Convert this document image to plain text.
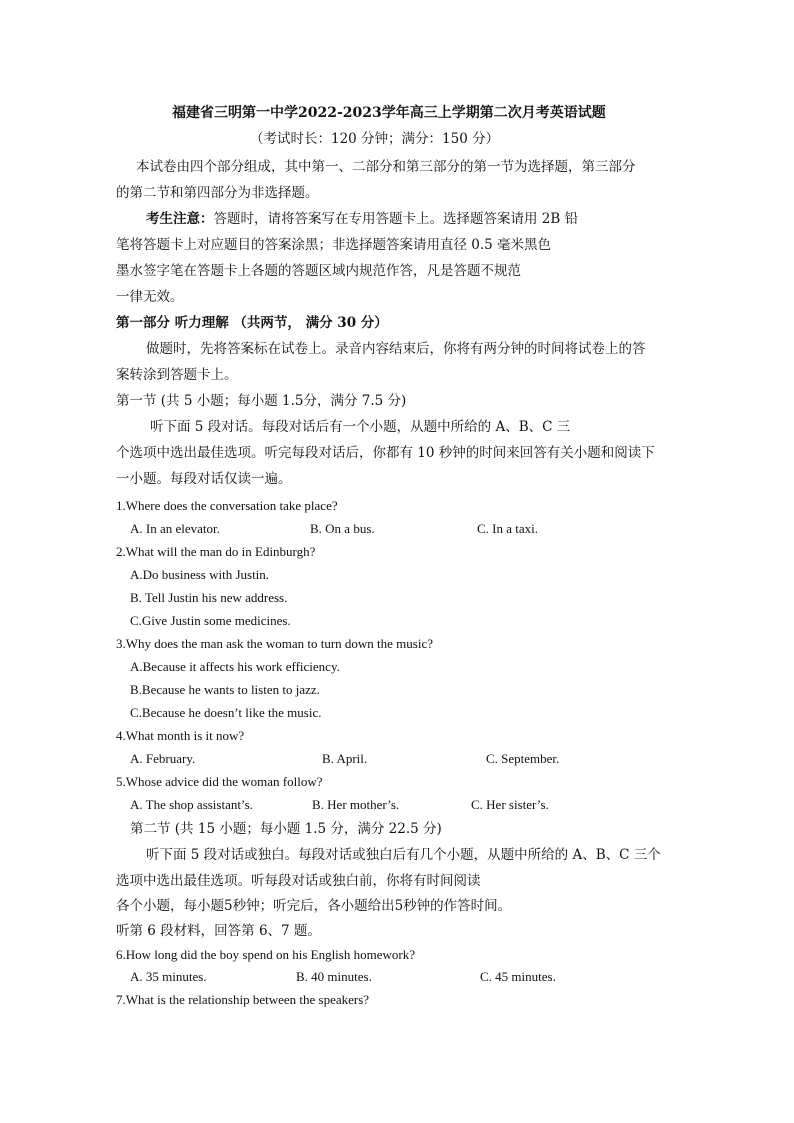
福建省三明第一中学2022-2023学年高三上学期第二次月考英语试题
（考试时长：120 分钟；满分：150 分）
本试卷由四个部分组成，其中第一、二部分和第三部分的第一节为选择题，第三部分
的第二节和第四部分为非选择题。
考生注意：答题时，请将答案写在专用答题卡上。选择题答案请用 2B 铅
笔将答题卡上对应题目的答案涂黑；非选择题答案请用直径 0.5 毫米黑色
墨水签字笔在答题卡上各题的答题区域内规范作答，凡是答题不规范
一律无效。
第一部分 听力理解 （共两节， 满分 30 分）
做题时，先将答案标在试卷上。录音内容结束后，你将有两分钟的时间将试卷上的答
案转涂到答题卡上。
第一节 (共 5 小题；每小题 1.5分，满分 7.5 分)
听下面 5 段对话。每段对话后有一个小题，从题中所给的 A、B、C 三
个选项中选出最佳选项。听完每段对话后，你都有 10 秒钟的时间来回答有关小题和阅读下
一小题。每段对话仅读一遍。
1.Where does the conversation take place?
A. In an elevator.	B. On a bus.	C. In a taxi.
2.What will the man do in Edinburgh?
A.Do business with Justin.
B. Tell Justin his new address.
C.Give Justin some medicines.
3.Why does the man ask the woman to turn down the music?
A.Because it affects his work efficiency.
B.Because he wants to listen to jazz.
C.Because he doesn’t like the music.
4.What month is it now?
A. February.	B. April.	C. September.
5.Whose advice did the woman follow?
A. The shop assistant’s.	B. Her mother’s.	C. Her sister’s.
第二节 (共 15 小题；每小题 1.5 分，满分 22.5 分)
听下面 5 段对话或独白。每段对话或独白后有几个小题，从题中所给的 A、B、C 三个
选项中选出最佳选项。听每段对话或独白前，你将有时间阅读
各个小题，每小题5秒钟；听完后，各小题给出5秒钟的作答时间。
听第 6 段材料，回答第 6、7 题。
6.How long did the boy spend on his English homework?
A. 35 minutes.	B. 40 minutes.	C. 45 minutes.
7.What is the relationship between the speakers?
